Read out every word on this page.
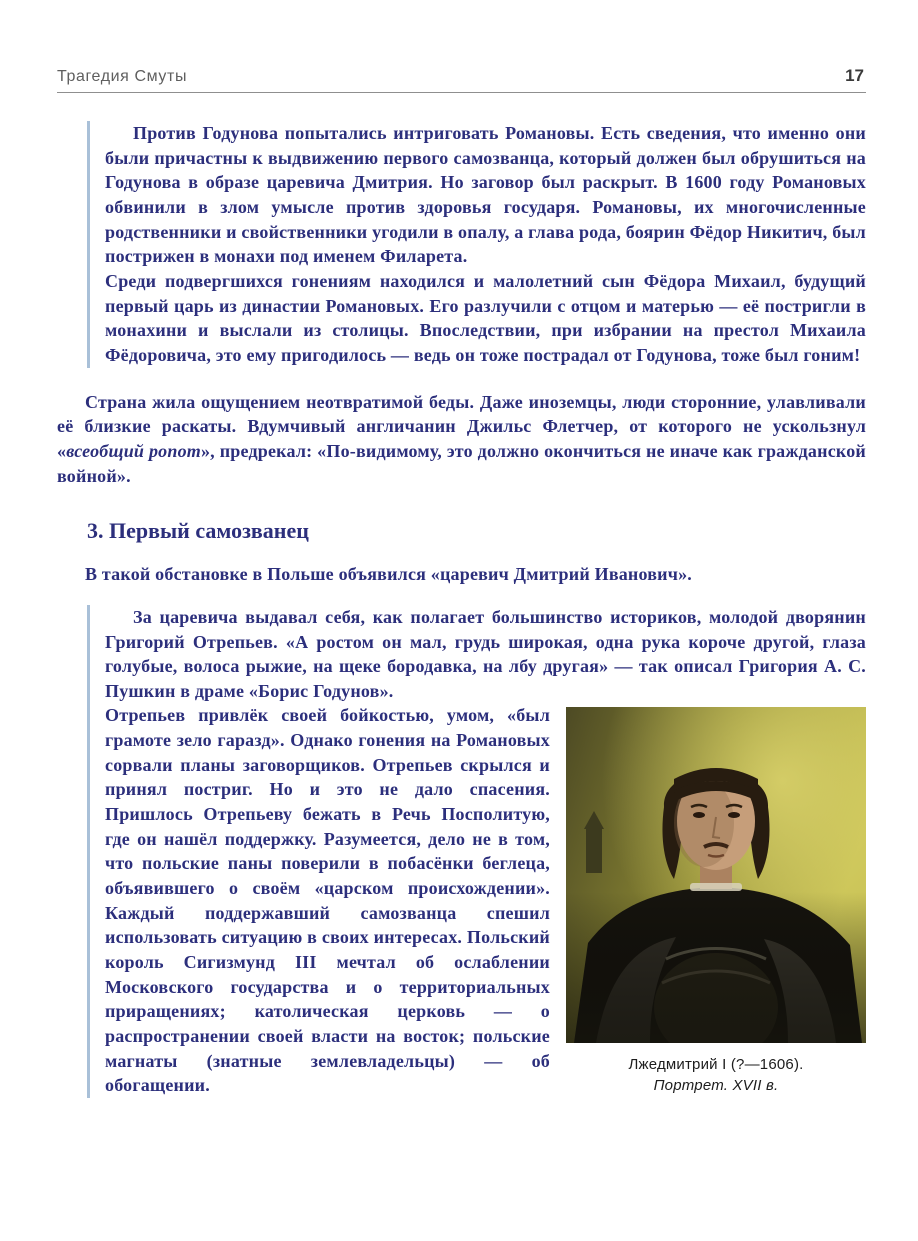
Трагедия Смуты	17

Против Годунова попытались интриговать Романовы. Есть сведения, что именно они были причастны к выдвижению первого самозванца, который должен был обрушиться на Годунова в образе царевича Дмитрия. Но заговор был раскрыт. В 1600 году Романовых обвинили в злом умысле против здоровья государя. Романовы, их многочисленные родственники и свойственники угодили в опалу, а глава рода, боярин Фёдор Никитич, был пострижен в монахи под именем Филарета.

Среди подвергшихся гонениям находился и малолетний сын Фёдора Михаил, будущий первый царь из династии Романовых. Его разлучили с отцом и матерью — её постригли в монахини и выслали из столицы. Впоследствии, при избрании на престол Михаила Фёдоровича, это ему пригодилось — ведь он тоже пострадал от Годунова, тоже был гоним!

Страна жила ощущением неотвратимой беды. Даже иноземцы, люди сторонние, улавливали её близкие раскаты. Вдумчивый англичанин Джильс Флетчер, от которого не ускользнул «всеобщий ропот», предрекал: «По-видимому, это должно окончиться не иначе как гражданской войной».

3. Первый самозванец

В такой обстановке в Польше объявился «царевич Дмитрий Иванович».

За царевича выдавал себя, как полагает большинство историков, молодой дворянин Григорий Отрепьев. «А ростом он мал, грудь широкая, одна рука короче другой, глаза голубые, волоса рыжие, на щеке бородавка, на лбу другая» — так описал Григория А. С. Пушкин в драме «Борис Годунов».

Отрепьев привлёк своей бойкостью, умом, «был грамоте зело гаразд». Однако гонения на Романовых сорвали планы заговорщиков. Отрепьев скрылся и принял постриг. Но и это не дало спасения. Пришлось Отрепьеву бежать в Речь Посполитую, где он нашёл поддержку. Разумеется, дело не в том, что польские паны поверили в побасёнки беглеца, объявившего о своём «царском происхождении». Каждый поддержавший самозванца спешил использовать ситуацию в своих интересах. Польский король Сигизмунд III мечтал об ослаблении Московского государства и о территориальных приращениях; католическая церковь — о распространении своей власти на восток; польские магнаты (знатные землевладельцы) — об обогащении.

Лжедмитрий I (?—1606).
Портрет. XVII в.
